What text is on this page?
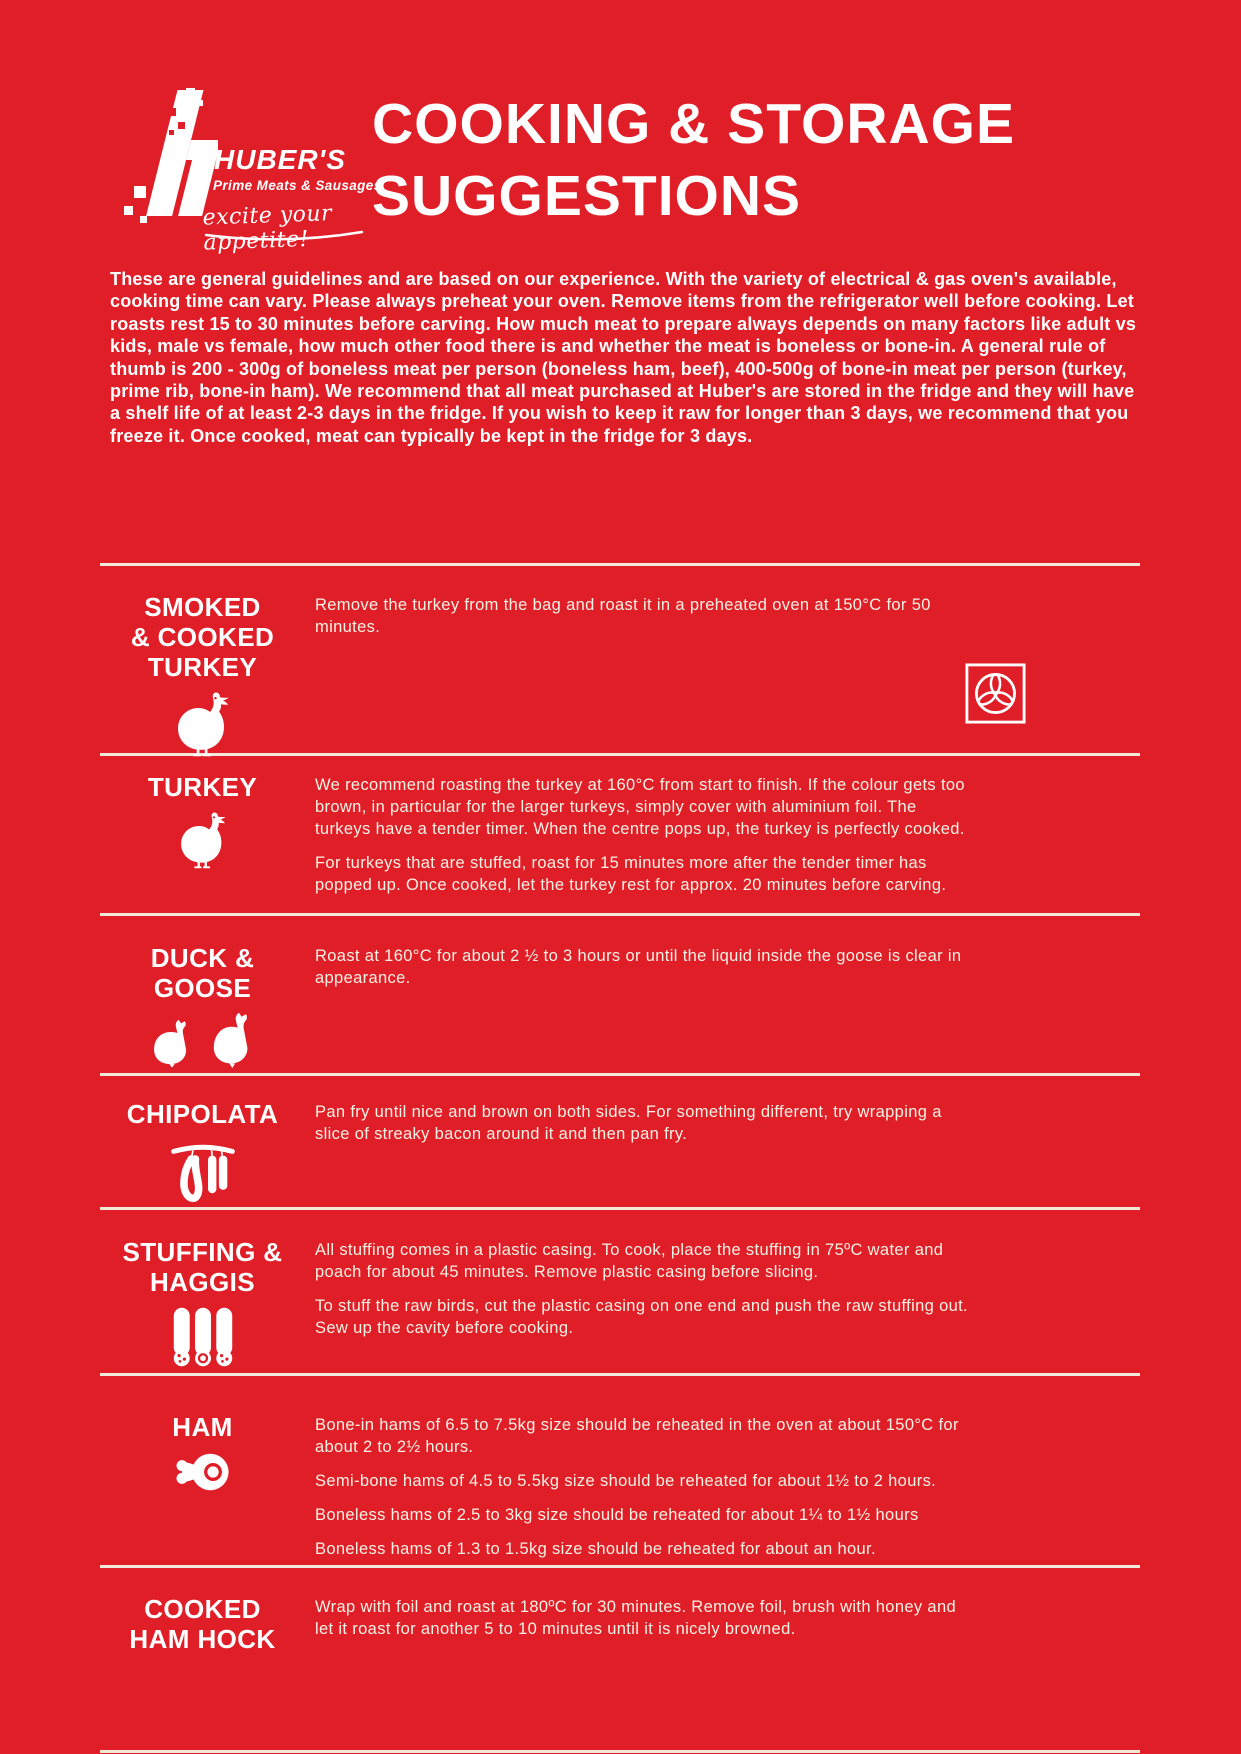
HUBER'S
Prime Meats & Sausages
excite your appetite!
COOKING & STORAGE
SUGGESTIONS
These are general guidelines and are based on our experience. With the variety of electrical & gas oven's available, cooking time can vary. Please always preheat your oven. Remove items from the refrigerator well before cooking. Let roasts rest 15 to 30 minutes before carving. How much meat to prepare always depends on many factors like adult vs kids, male vs female, how much other food there is and whether the meat is boneless or bone-in. A general rule of thumb is 200 - 300g of boneless meat per person (boneless ham, beef), 400-500g of bone-in meat per person (turkey, prime rib, bone-in ham). We recommend that all meat purchased at Huber's are stored in the fridge and they will have a shelf life of at least 2-3 days in the fridge. If you wish to keep it raw for longer than 3 days, we recommend that you freeze it. Once cooked, meat can typically be kept in the fridge for 3 days.
SMOKED
& COOKED
TURKEY

Remove the turkey from the bag and roast it in a preheated oven at 150°C for 50 minutes.

TURKEY	We recommend roasting the turkey at 160°C from start to finish. If the colour gets too brown, in particular for the larger turkeys, simply cover with aluminium foil. The turkeys have a tender timer. When the centre pops up, the turkey is perfectly cooked.

For turkeys that are stuffed, roast for 15 minutes more after the tender timer has popped up. Once cooked, let the turkey rest for approx. 20 minutes before carving.

DUCK &
GOOSE

Roast at 160°C for about 2 ½ to 3 hours or until the liquid inside the goose is clear in appearance.

CHIPOLATA Pan fry until nice and brown on both sides. For something different, try wrapping a slice of streaky bacon around it and then pan fry.

STUFFING &
HAGGIS

All stuffing comes in a plastic casing. To cook, place the stuffing in 75ºC water and poach for about 45 minutes. Remove plastic casing before slicing.

To stuff the raw birds, cut the plastic casing on one end and push the raw stuffing out. Sew up the cavity before cooking.

HAM	Bone-in hams of 6.5 to 7.5kg size should be reheated in the oven at about 150°C for about 2 to 2½ hours.

Semi-bone hams of 4.5 to 5.5kg size should be reheated for about 1½ to 2 hours.

Boneless hams of 2.5 to 3kg size should be reheated for about 1¼ to 1½ hours

Boneless hams of 1.3 to 1.5kg size should be reheated for about an hour.

COOKED
HAM HOCK

Wrap with foil and roast at 180ºC for 30 minutes. Remove foil, brush with honey and let it roast for another 5 to 10 minutes until it is nicely browned.
